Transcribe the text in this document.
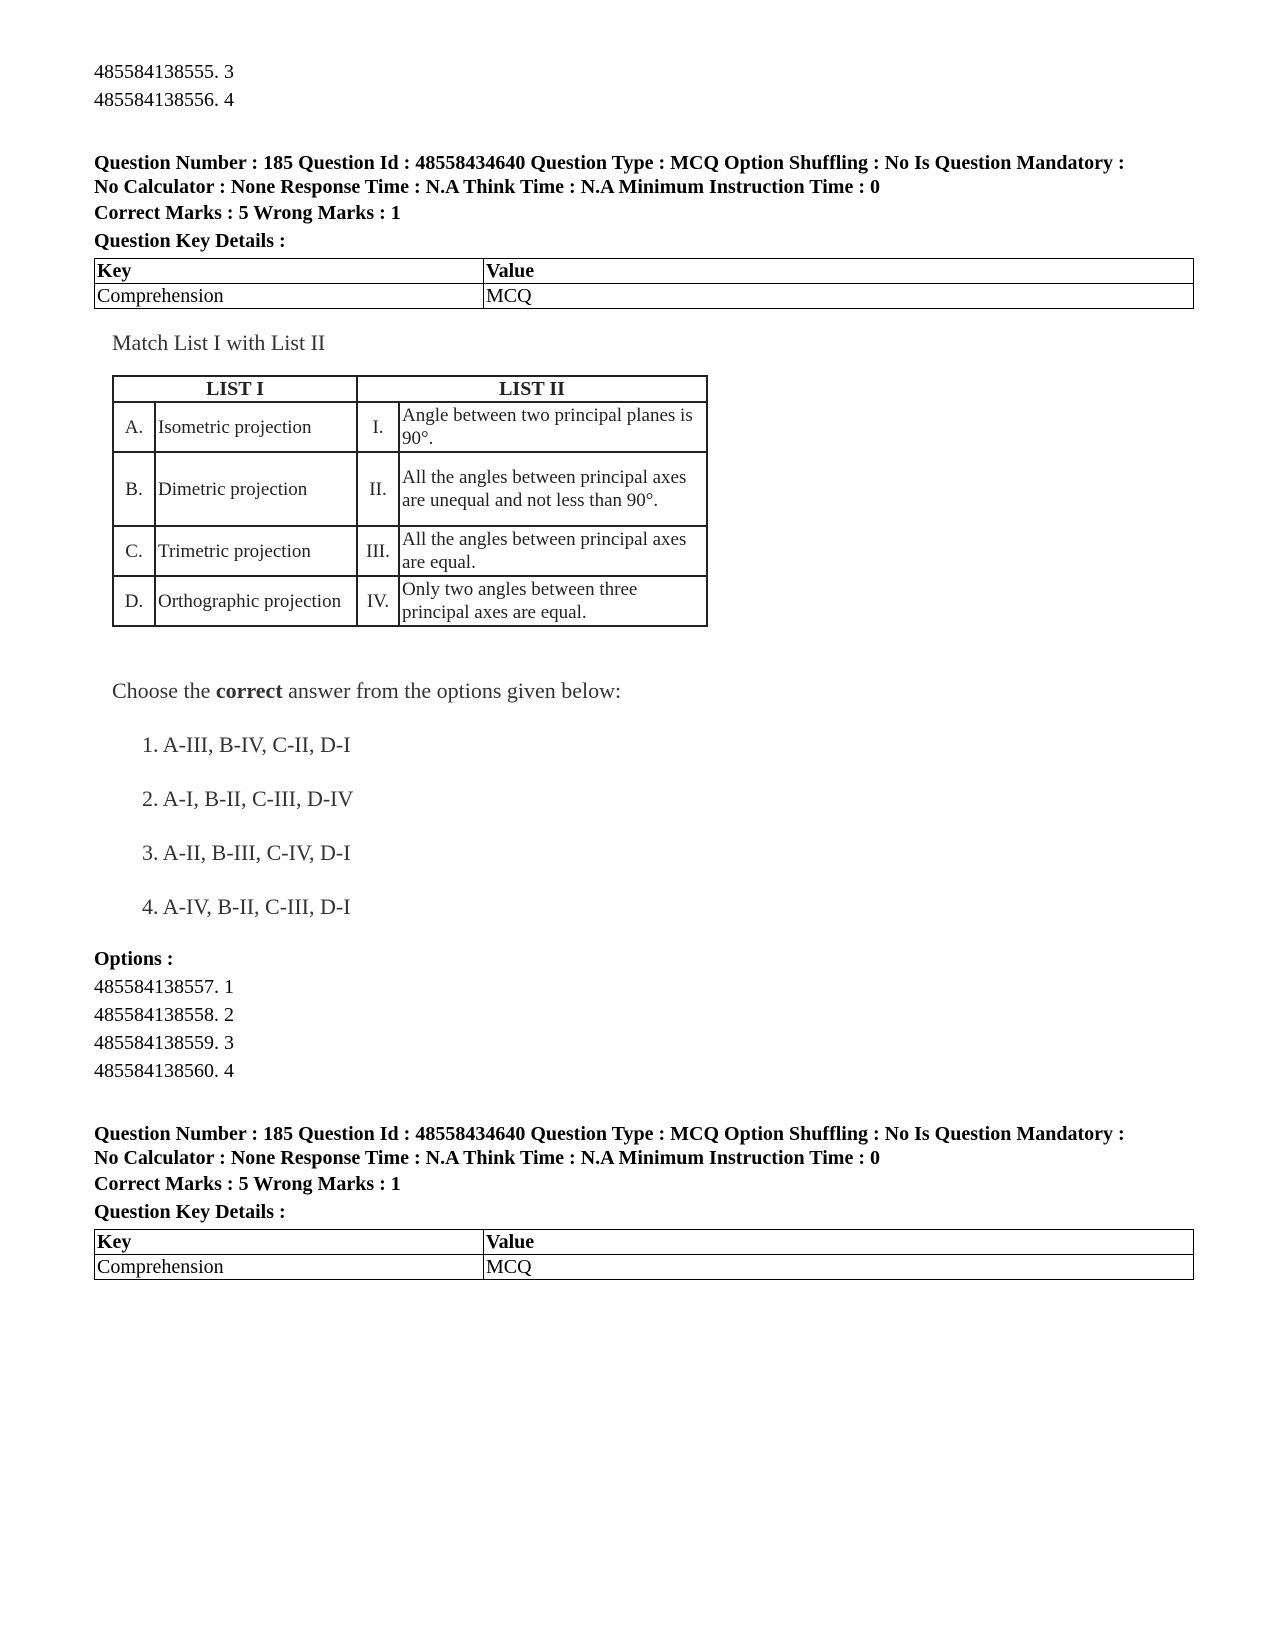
485584138555. 3
485584138556. 4
Question Number : 185 Question Id : 48558434640 Question Type : MCQ Option Shuffling : No Is Question Mandatory :
No Calculator : None Response Time : N.A Think Time : N.A Minimum Instruction Time : 0
Correct Marks : 5 Wrong Marks : 1
Question Key Details :
Key	Value
Comprehension	MCQ
Match List I with List II
LIST I		LIST II	
A.	Isometric projection	I.	Angle between two principal planes is 90°.
B.	Dimetric projection	II.	All the angles between principal axes are unequal and not less than 90°.
C.	Trimetric projection	III.	All the angles between principal axes are equal.
D.	Orthographic projection	IV.	Only two angles between three principal axes are equal.
Choose the correct answer from the options given below:
1. A-III, B-IV, C-II, D-I
2. A-I, B-II, C-III, D-IV
3. A-II, B-III, C-IV, D-I
4. A-IV, B-II, C-III, D-I
Options :
485584138557. 1
485584138558. 2
485584138559. 3
485584138560. 4
Question Number : 185 Question Id : 48558434640 Question Type : MCQ Option Shuffling : No Is Question Mandatory :
No Calculator : None Response Time : N.A Think Time : N.A Minimum Instruction Time : 0
Correct Marks : 5 Wrong Marks : 1
Question Key Details :
Key	Value
Comprehension	MCQ
